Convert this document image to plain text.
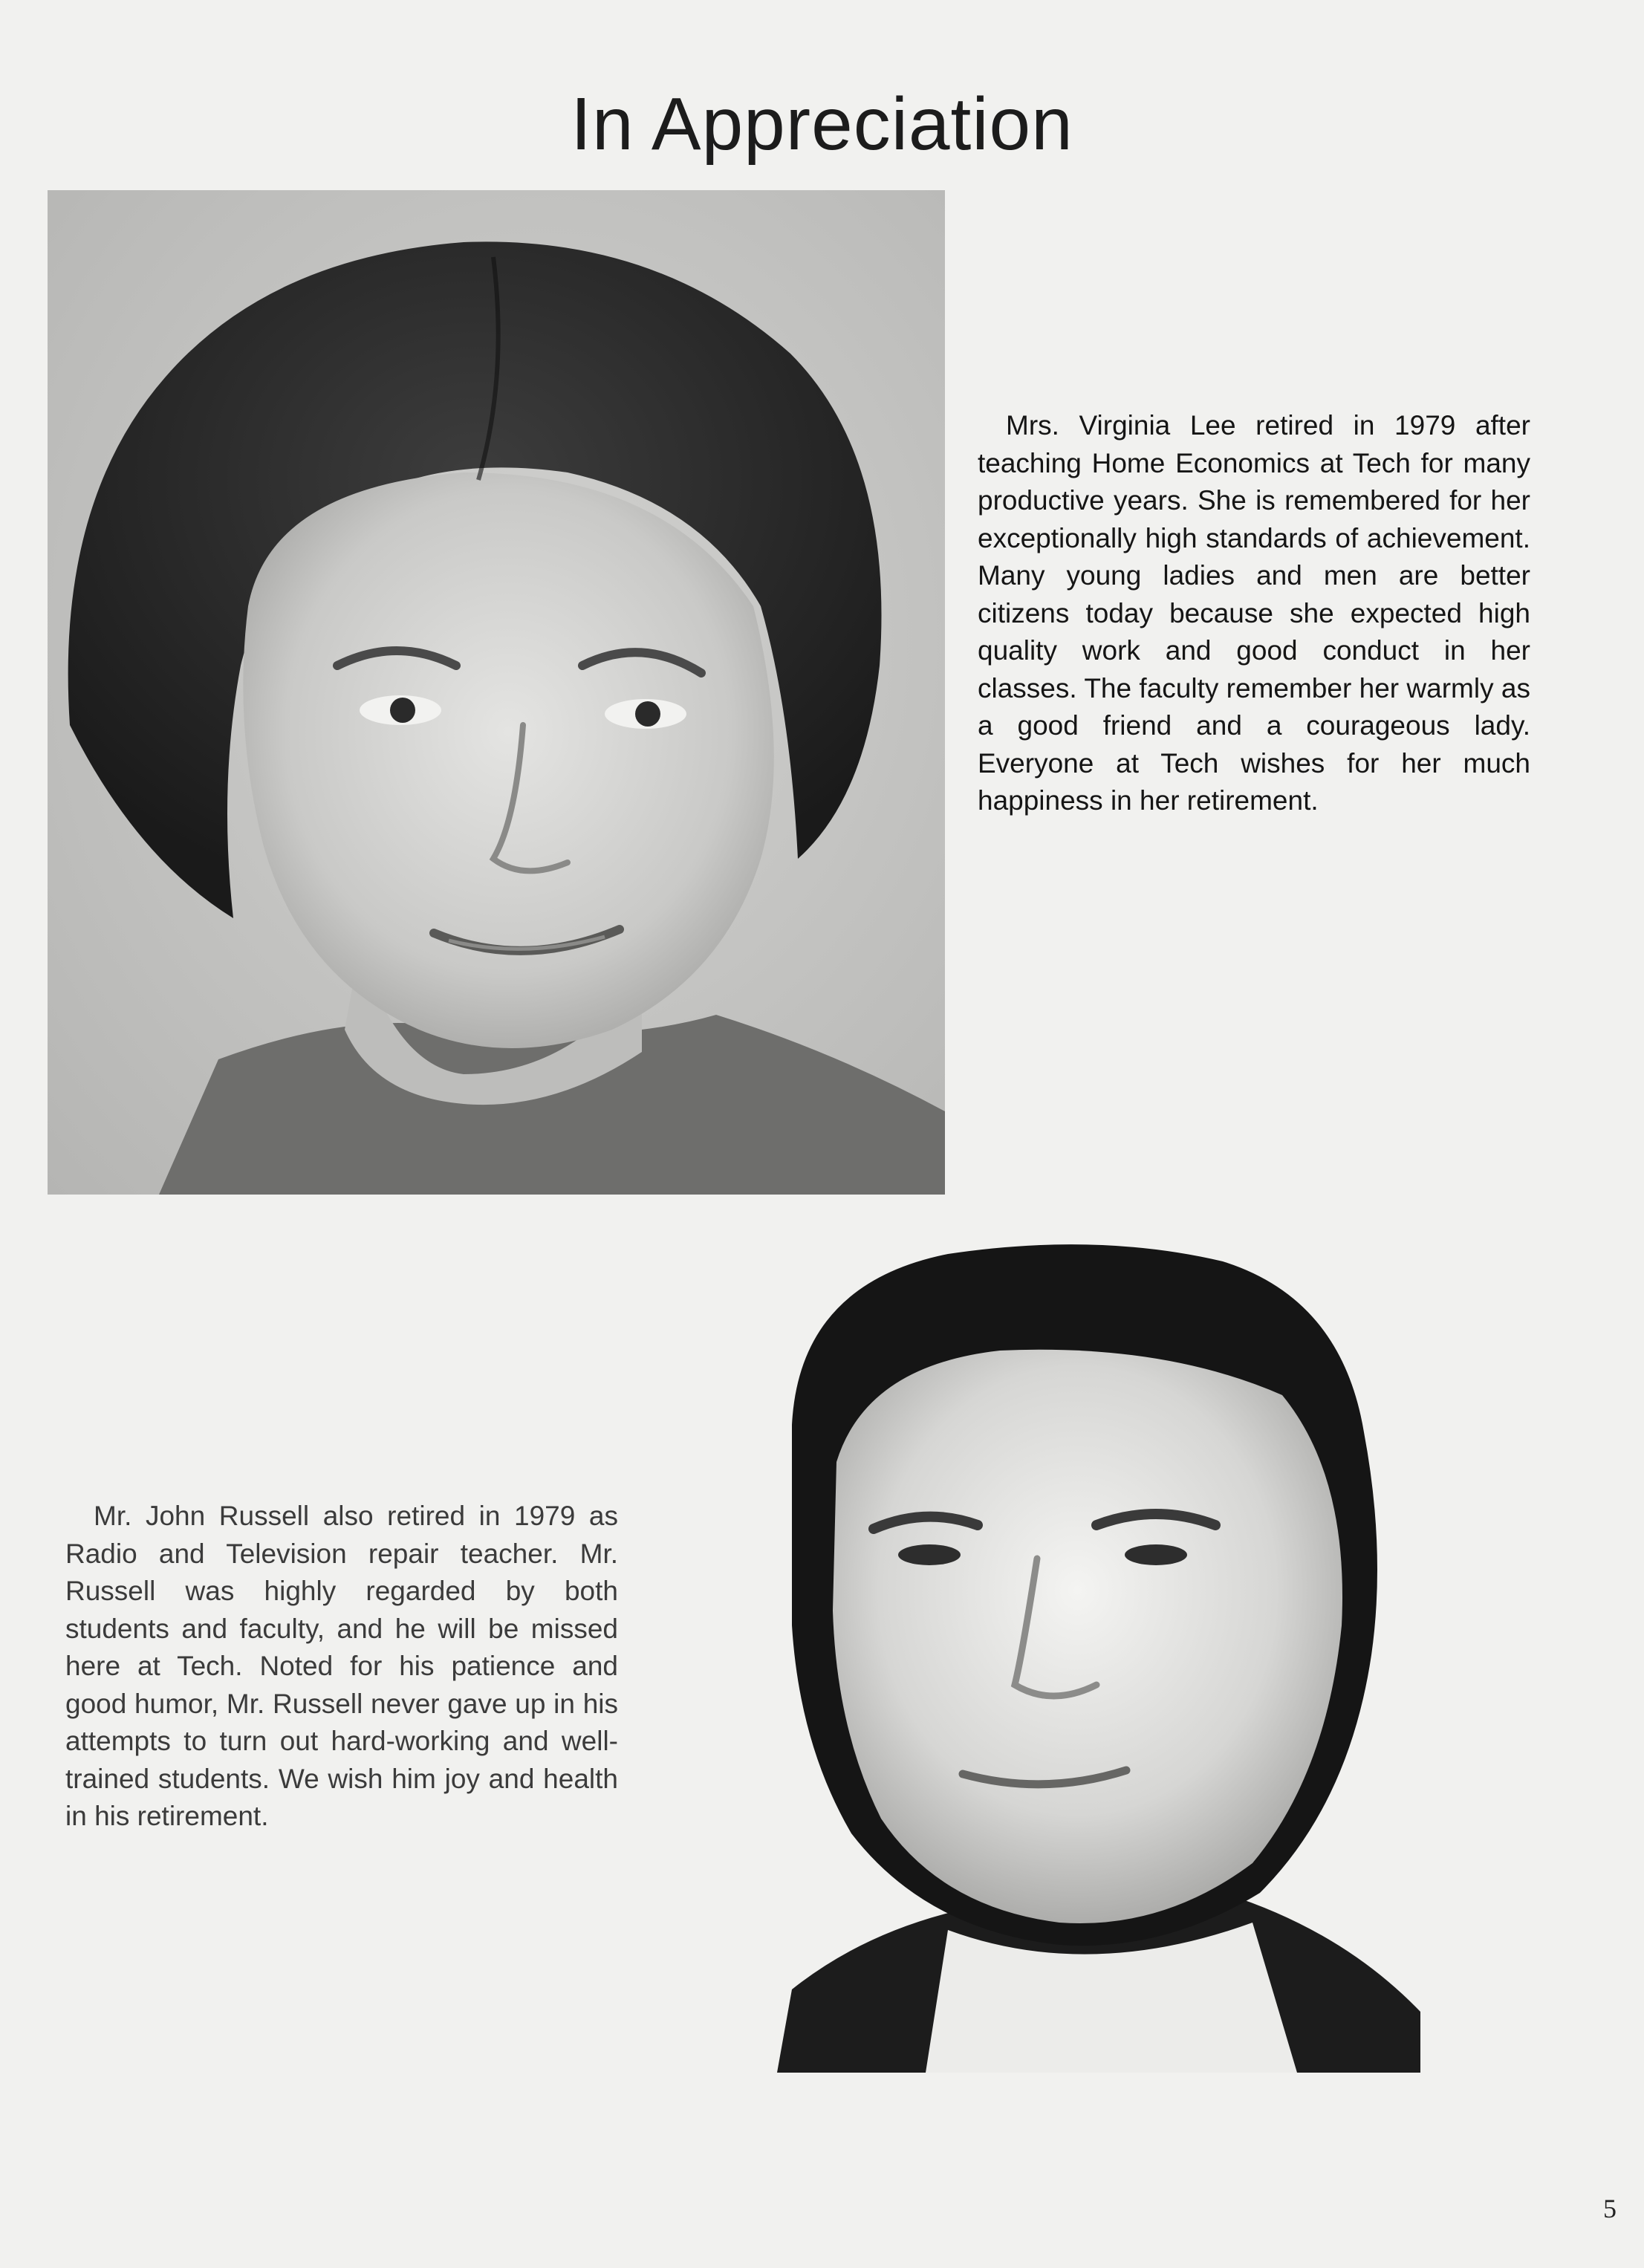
In Appreciation

Mrs. Virginia Lee retired in 1979 after teaching Home Economics at Tech for many productive years. She is remembered for her exceptionally high standards of achievement. Many young ladies and men are better citizens today because she expected high quality work and good conduct in her classes. The faculty remember her warmly as a good friend and a courageous lady. Everyone at Tech wishes for her much happiness in her retirement.

Mr. John Russell also retired in 1979 as Radio and Television repair teacher. Mr. Russell was highly regarded by both students and faculty, and he will be missed here at Tech. Noted for his patience and good humor, Mr. Russell never gave up in his attempts to turn out hard-working and well-trained students. We wish him joy and health in his retirement.

5
